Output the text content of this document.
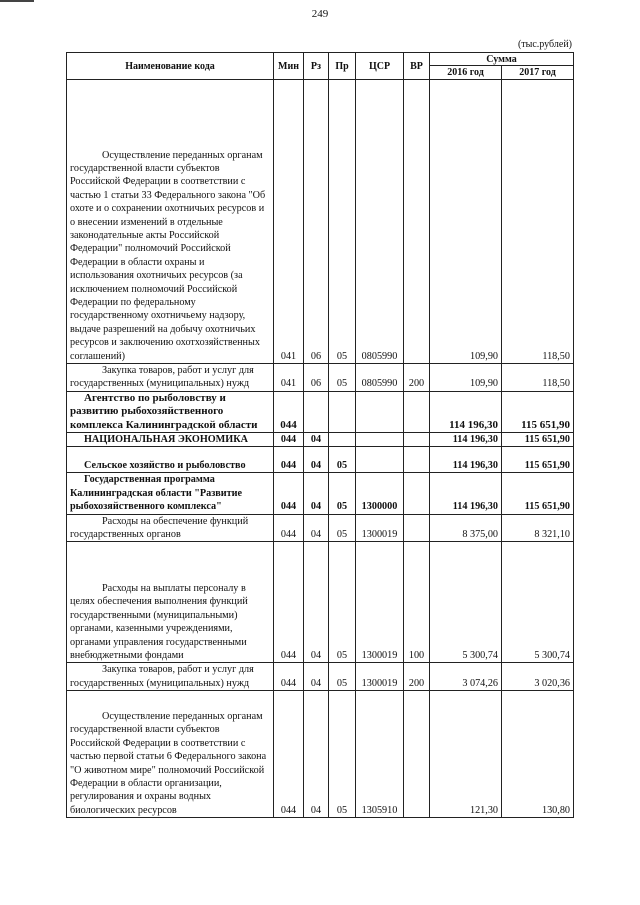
249
(тыс.рублей)
Наименование кода	Мин	Рз	Пр	ЦСР	ВР	Сумма	
						2016 год	2017 год
Осуществление переданных органам государственной власти субъектов Российской Федерации в соответствии с частью 1 статьи 33 Федерального закона "Об охоте и о сохранении охотничьих ресурсов и о внесении изменений в отдельные законодательные акты Российской Федерации" полномочий Российской Федерации в области охраны и использования охотничьих ресурсов (за исключением полномочий Российской Федерации по федеральному государственному охотничьему надзору, выдаче разрешений на добычу охотничьих ресурсов и заключению охотхозяйственных соглашений)	041	06	05	0805990		109,90	118,50
Закупка товаров, работ и услуг для государственных (муниципальных) нужд	041	06	05	0805990	200	109,90	118,50
Агентство по рыболовству и развитию рыбохозяйственного комплекса Калининградской области	044					114 196,30	115 651,90
НАЦИОНАЛЬНАЯ ЭКОНОМИКА	044	04				114 196,30	115 651,90
Сельское хозяйство и рыболовство	044	04	05			114 196,30	115 651,90
Государственная программа Калининградская области "Развитие рыбохозяйственного комплекса"	044	04	05	1300000		114 196,30	115 651,90
Расходы на обеспечение функций государственных органов	044	04	05	1300019		8 375,00	8 321,10
Расходы на выплаты персоналу в целях обеспечения выполнения функций государственными (муниципальными) органами, казенными учреждениями, органами управления государственными внебюджетными фондами	044	04	05	1300019	100	5 300,74	5 300,74
Закупка товаров, работ и услуг для государственных (муниципальных) нужд	044	04	05	1300019	200	3 074,26	3 020,36
Осуществление переданных органам государственной власти субъектов Российской Федерации в соответствии с частью первой статьи 6 Федерального закона "О животном мире" полномочий Российской Федерации в области организации, регулирования и охраны водных биологических ресурсов	044	04	05	1305910		121,30	130,80
